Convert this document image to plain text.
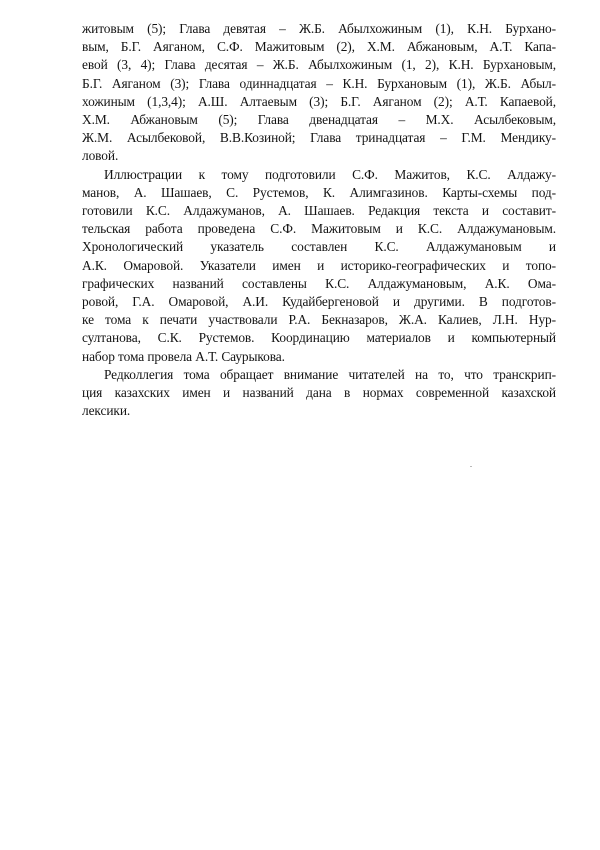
житовым (5); Глава девятая – Ж.Б. Абылхожиным (1), К.Н. Бурхано-
вым, Б.Г. Аяганом, С.Ф. Мажитовым (2), Х.М. Абжановым, А.Т. Капа-
евой (3, 4); Глава десятая – Ж.Б. Абылхожиным (1, 2), К.Н. Бурхановым,
Б.Г. Аяганом (3); Глава одиннадцатая – К.Н. Бурхановым (1), Ж.Б. Абыл-
хожиным (1,3,4); А.Ш. Алтаевым (3); Б.Г. Аяганом (2); А.Т. Капаевой,
Х.М. Абжановым (5); Глава двенадцатая – М.Х. Асылбековым,
Ж.М. Асылбековой, В.В.Козиной; Глава тринадцатая – Г.М. Мендику-
ловой.
Иллюстрации к тому подготовили С.Ф. Мажитов, К.С. Алдажу-
манов, А. Шашаев, С. Рустемов, К. Алимгазинов. Карты-схемы под-
готовили К.С. Алдажуманов, А. Шашаев. Редакция текста и составит-
тельская работа проведена С.Ф. Мажитовым и К.С. Алдажумановым.
Хронологический указатель составлен К.С. Алдажумановым и
А.К. Омаровой. Указатели имен и историко-географических и топо-
графических названий составлены К.С. Алдажумановым, А.К. Ома-
ровой, Г.А. Омаровой, А.И. Кудайбергеновой и другими. В подготов-
ке тома к печати участвовали Р.А. Бекназаров, Ж.А. Калиев, Л.Н. Нур-
султанова, С.К. Рустемов. Координацию материалов и компьютерный
набор тома провела А.Т. Саурыкова.
Редколлегия тома обращает внимание читателей на то, что транскрип-
ция казахских имен и названий дана в нормах современной казахской
лексики.
